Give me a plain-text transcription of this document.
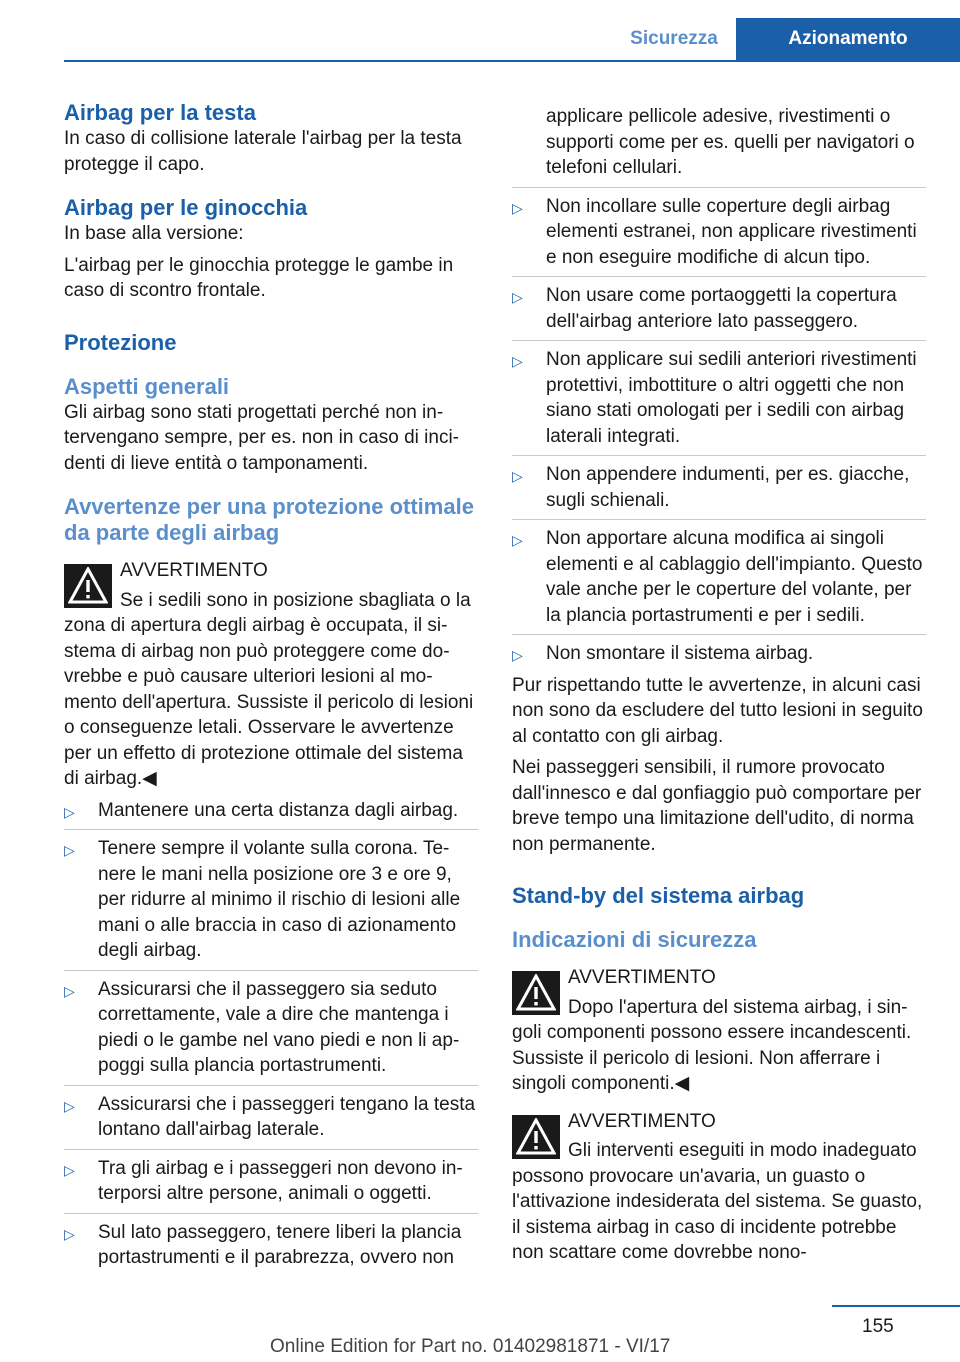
Sicurezza	Azionamento
Airbag per la testa

In caso di collisione laterale l'airbag per la testa protegge il capo.

Airbag per le ginocchia

In base alla versione:

L'airbag per le ginocchia protegge le gambe in caso di scontro frontale.

Protezione
Aspetti generali

Gli airbag sono stati progettati perché non intervengano sempre, per es. non in caso di incidenti di lieve entità o tamponamenti.

Avvertenze per una protezione ottimale da parte degli airbag
AVVERTIMENTO

Se i sedili sono in posizione sbagliata o la zona di apertura degli airbag è occupata, il sistema di airbag non può proteggere come dovrebbe e può causare ulteriori lesioni al momento dell'apertura. Sussiste il pericolo di lesioni o conseguenze letali. Osservare le avvertenze per un effetto di protezione ottimale del sistema di airbag.◀

▷ Mantenere una certa distanza dagli airbag.
▷ Tenere sempre il volante sulla corona. Tenere le mani nella posizione ore 3 e ore 9, per ridurre al minimo il rischio di lesioni alle mani o alle braccia in caso di azionamento degli airbag.
▷ Assicurarsi che il passeggero sia seduto correttamente, vale a dire che mantenga i piedi o le gambe nel vano piedi e non li appoggi sulla plancia portastrumenti.
▷ Assicurarsi che i passeggeri tengano la testa lontano dall'airbag laterale.
▷ Tra gli airbag e i passeggeri non devono interporsi altre persone, animali o oggetti.
▷ Sul lato passeggero, tenere liberi la plancia portastrumenti e il parabrezza, ovvero non

applicare pellicole adesive, rivestimenti o supporti come per es. quelli per navigatori o telefoni cellulari.

▷ Non incollare sulle coperture degli airbag elementi estranei, non applicare rivestimenti e non eseguire modifiche di alcun tipo.
▷ Non usare come portaoggetti la copertura dell'airbag anteriore lato passeggero.
▷ Non applicare sui sedili anteriori rivestimenti protettivi, imbottiture o altri oggetti che non siano stati omologati per i sedili con airbag laterali integrati.
▷ Non appendere indumenti, per es. giacche, sugli schienali.
▷ Non apportare alcuna modifica ai singoli elementi e al cablaggio dell'impianto. Questo vale anche per le coperture del volante, per la plancia portastrumenti e per i sedili.
▷ Non smontare il sistema airbag.

Pur rispettando tutte le avvertenze, in alcuni casi non sono da escludere del tutto lesioni in seguito al contatto con gli airbag.

Nei passeggeri sensibili, il rumore provocato dall'innesco e dal gonfiaggio può comportare per breve tempo una limitazione dell'udito, di norma non permanente.

Stand-by del sistema airbag
Indicazioni di sicurezza
AVVERTIMENTO

Dopo l'apertura del sistema airbag, i singoli componenti possono essere incandescenti. Sussiste il pericolo di lesioni. Non afferrare i singoli componenti.◀

AVVERTIMENTO

Gli interventi eseguiti in modo inadeguato possono provocare un'avaria, un guasto o l'attivazione indesiderata del sistema. Se guasto, il sistema airbag in caso di incidente potrebbe non scattare come dovrebbe nono-

155
Online Edition for Part no. 01402981871 - VI/17
